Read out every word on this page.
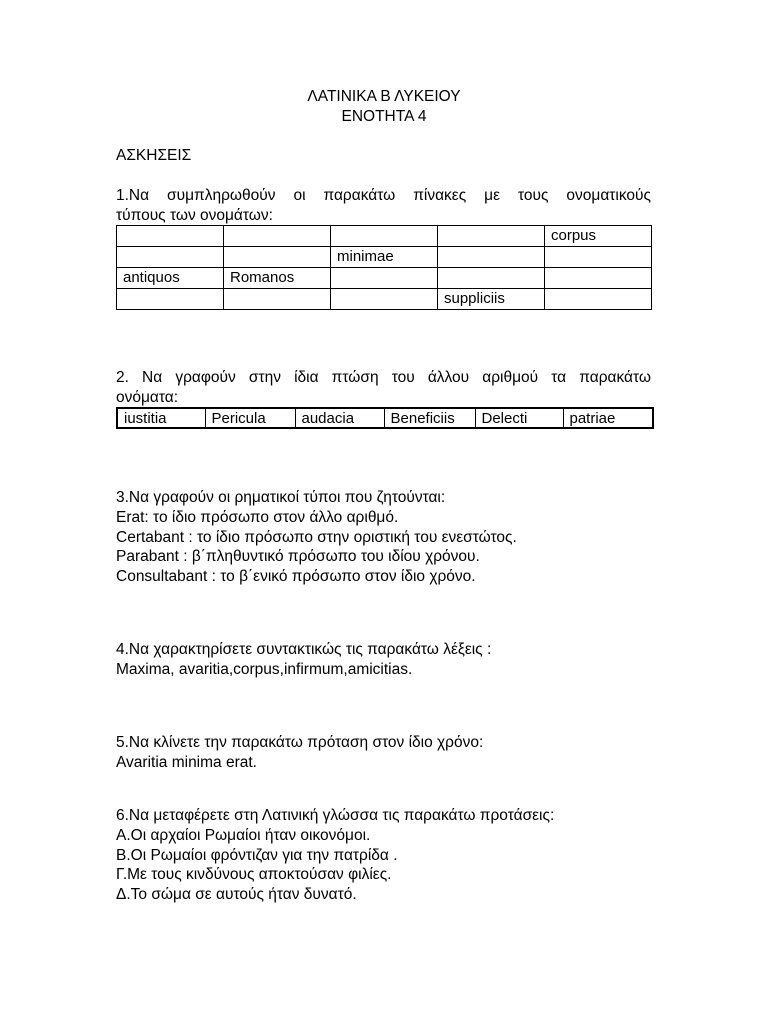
ΛΑΤΙΝΙΚΑ Β ΛΥΚΕΙΟΥ
ΕΝΟΤΗΤΑ 4
ΑΣΚΗΣΕΙΣ
1.Να συμπληρωθούν οι παρακάτω πίνακες με τους ονοματικούς
τύπους των ονομάτων:
				corpus
		minimae		
antiquos	Romanos			
			suppliciis	
2. Να γραφούν στην ίδια πτώση του άλλου αριθμού τα παρακάτω
ονόματα:
iustitia	Pericula	audacia	Beneficiis	Delecti	patriae
3.Να γραφούν οι ρηματικοί τύποι που ζητούνται:
Erat: το ίδιο πρόσωπο στον άλλο αριθμό.
Certabant : το ίδιο πρόσωπο στην οριστική του ενεστώτος.
Parabant : β΄πληθυντικό πρόσωπο του ιδίου χρόνου.
Consultabant : το β΄ενικό πρόσωπο στον ίδιο χρόνο.
4.Να χαρακτηρίσετε συντακτικώς τις παρακάτω λέξεις :
Maxima, avaritia,corpus,infirmum,amicitias.
5.Να κλίνετε την παρακάτω πρόταση στον ίδιο χρόνο:
Avaritia minima erat.
6.Να μεταφέρετε στη Λατινική γλώσσα τις παρακάτω προτάσεις:
Α.Οι αρχαίοι Ρωμαίοι ήταν οικονόμοι.
Β.Οι Ρωμαίοι φρόντιζαν για την πατρίδα .
Γ.Με τους κινδύνους αποκτούσαν φιλίες.
Δ.Το σώμα σε αυτούς ήταν δυνατό.
